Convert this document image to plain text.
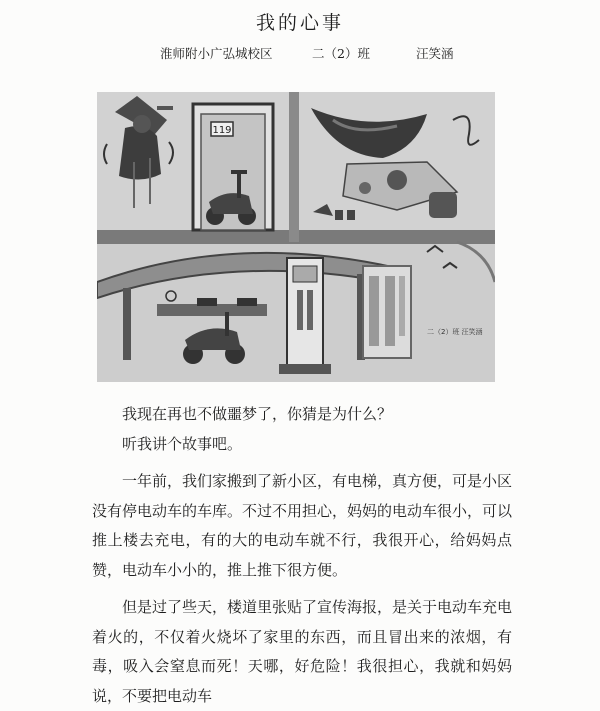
我的心事
淮师附小广弘城校区	二（2）班	汪笑涵
119
二（2）班 汪笑涵

我现在再也不做噩梦了，你猜是为什么？

听我讲个故事吧。

一年前，我们家搬到了新小区，有电梯，真方便，可是小区没有停电动车的车库。不过不用担心，妈妈的电动车很小，可以推上楼去充电，有的大的电动车就不行，我很开心，给妈妈点赞，电动车小小的，推上推下很方便。

但是过了些天，楼道里张贴了宣传海报，是关于电动车充电着火的，不仅着火烧坏了家里的东西，而且冒出来的浓烟，有毒，吸入会窒息而死！天哪，好危险！我很担心，我就和妈妈说，不要把电动车
